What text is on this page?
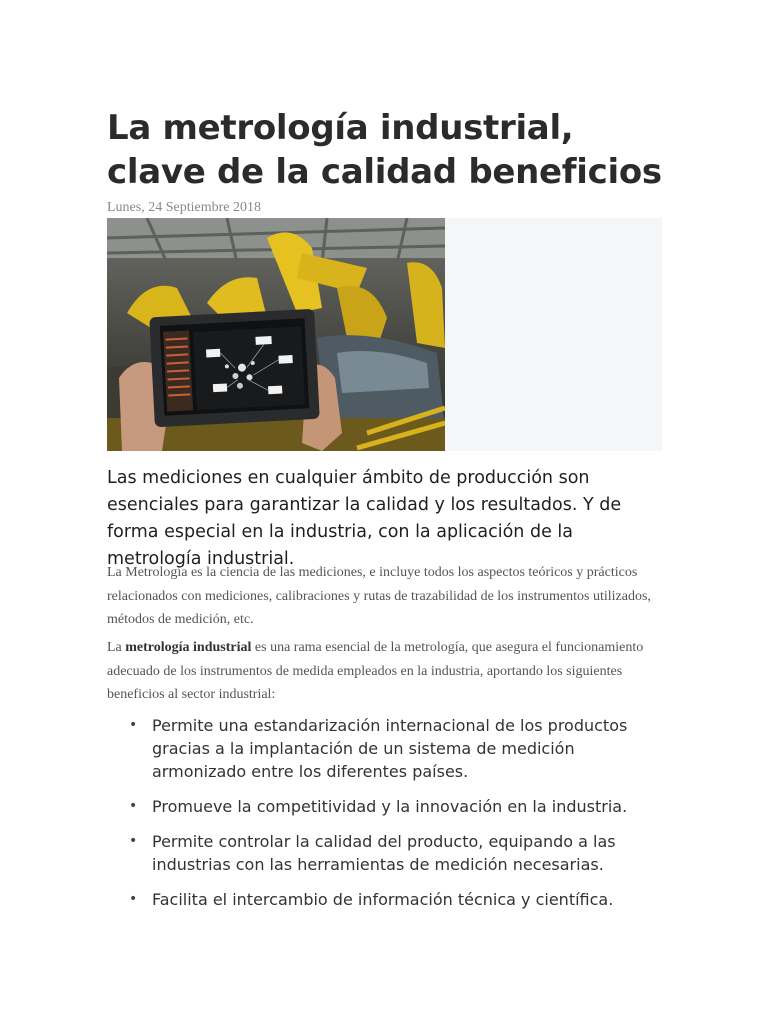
La metrología industrial, clave de la calidad beneficios
Lunes, 24 Septiembre 2018

Las mediciones en cualquier ámbito de producción son esenciales para garantizar la calidad y los resultados. Y de forma especial en la industria, con la aplicación de la metrología industrial.

La Metrología es la ciencia de las mediciones, e incluye todos los aspectos teóricos y prácticos relacionados con mediciones, calibraciones y rutas de trazabilidad de los instrumentos utilizados, métodos de medición, etc.

La metrología industrial es una rama esencial de la metrología, que asegura el funcionamiento adecuado de los instrumentos de medida empleados en la industria, aportando los siguientes beneficios al sector industrial:

• Permite una estandarización internacional de los productos gracias a la implantación de un sistema de medición armonizado entre los diferentes países.
• Promueve la competitividad y la innovación en la industria.
• Permite controlar la calidad del producto, equipando a las industrias con las herramientas de medición necesarias.
• Facilita el intercambio de información técnica y científica.
